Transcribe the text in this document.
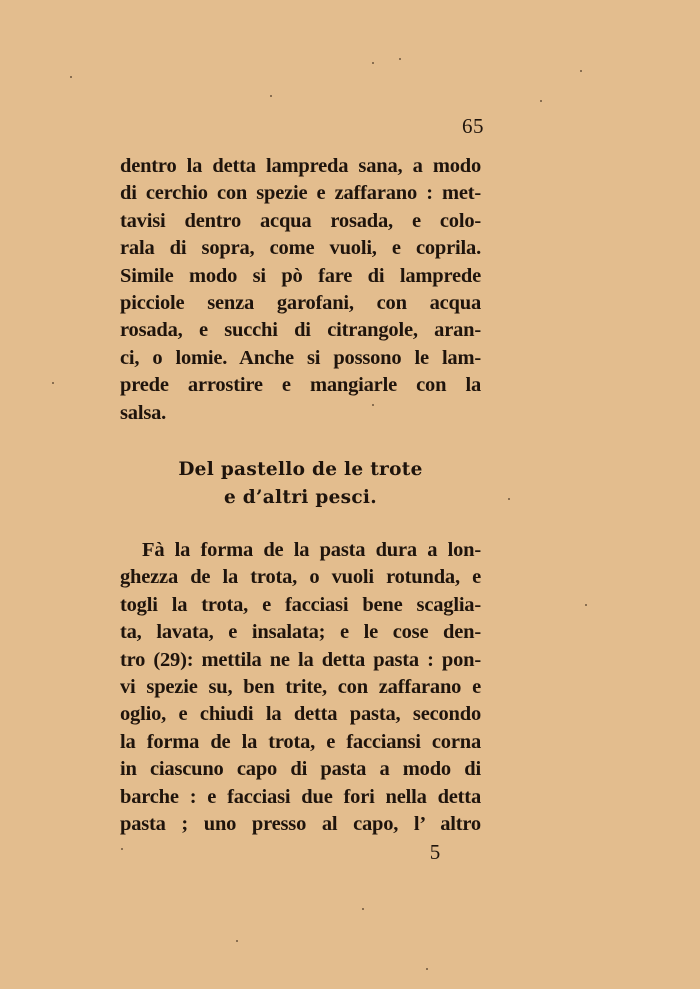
65
dentro la detta lampreda sana, a modo
di cerchio con spezie e zaffarano : met-
tavisi dentro acqua rosada, e colo-
rala di sopra, come vuoli, e coprila.
Simile modo si pò fare di lamprede
picciole senza garofani, con acqua
rosada, e succhi di citrangole, aran-
ci, o lomie. Anche si possono le lam-
prede arrostire e mangiarle con la
salsa.
Del pastello de le trote
e d’altri pesci.
Fà la forma de la pasta dura a lon-
ghezza de la trota, o vuoli rotunda, e
togli la trota, e facciasi bene scaglia-
ta, lavata, e insalata; e le cose den-
tro (29): mettila ne la detta pasta : pon-
vi spezie su, ben trite, con zaffarano e
oglio, e chiudi la detta pasta, secondo
la forma de la trota, e facciansi corna
in ciascuno capo di pasta a modo di
barche : e facciasi due fori nella detta
pasta ; uno presso al capo, l’ altro
5
